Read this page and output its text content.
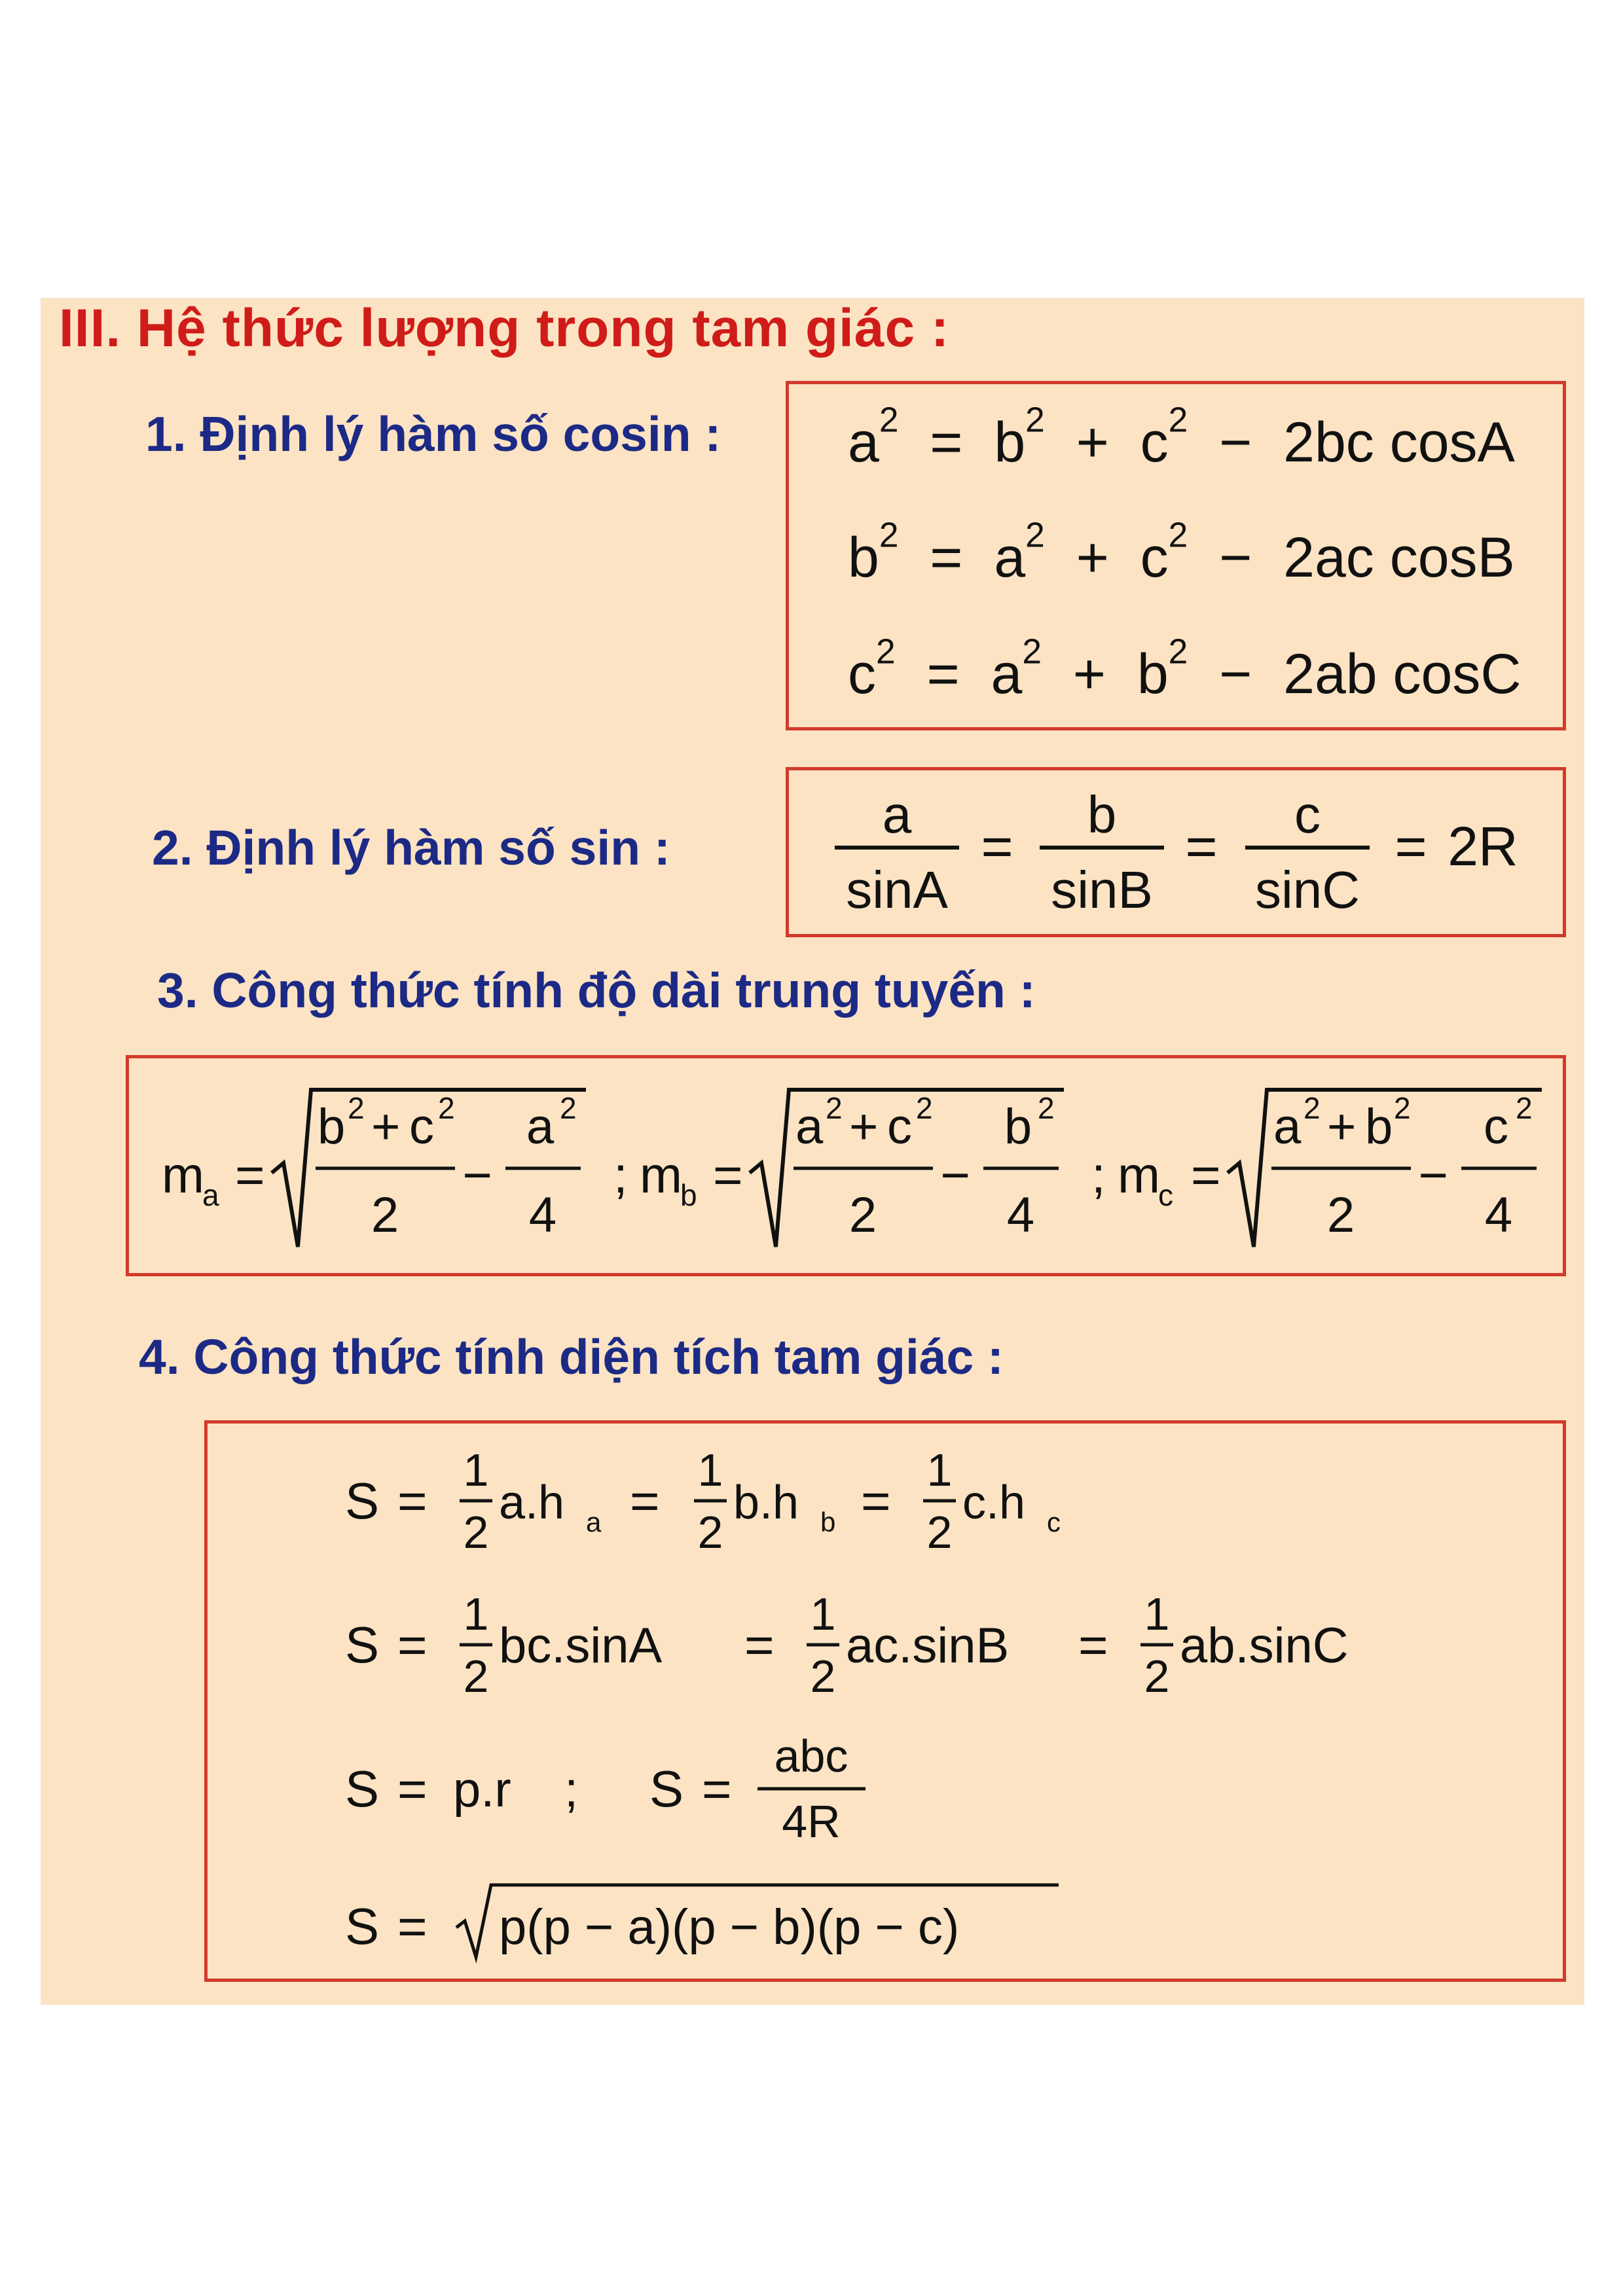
III. Hệ thức lượng trong tam giác :
1. Định lý hàm số cosin : $a^2 = b^2 + c^2 - 2bc$ cosA
$b^2 = a^2 + c^2 - 2ac$ cosB
$c^2 = a^2 + b^2 - 2ab$ cosC
2. Định lý hàm số sin :
a
sinA
=
b
sinB
=
c
sinC
= 2R
3. Công thức tính độ dài trung tuyến :
m
a =
b 2 + c 2
2
−
a 2
4
; m
b =
a 2 + c 2
2
−
b 2
4
; m
c =
a 2 + b 2
2
−
c 2
4
4. Công thức tính diện tích tam giác :
S =
1
2
a.h a =
1
2
b.h b =
1
2
c.h c
S =
1
2
bc.sinA =
1
2
ac.sinB =
1
2
ab.sinC
S = p.r ; S =
abc
4R
S = p(p − a)(p − b)(p − c)
